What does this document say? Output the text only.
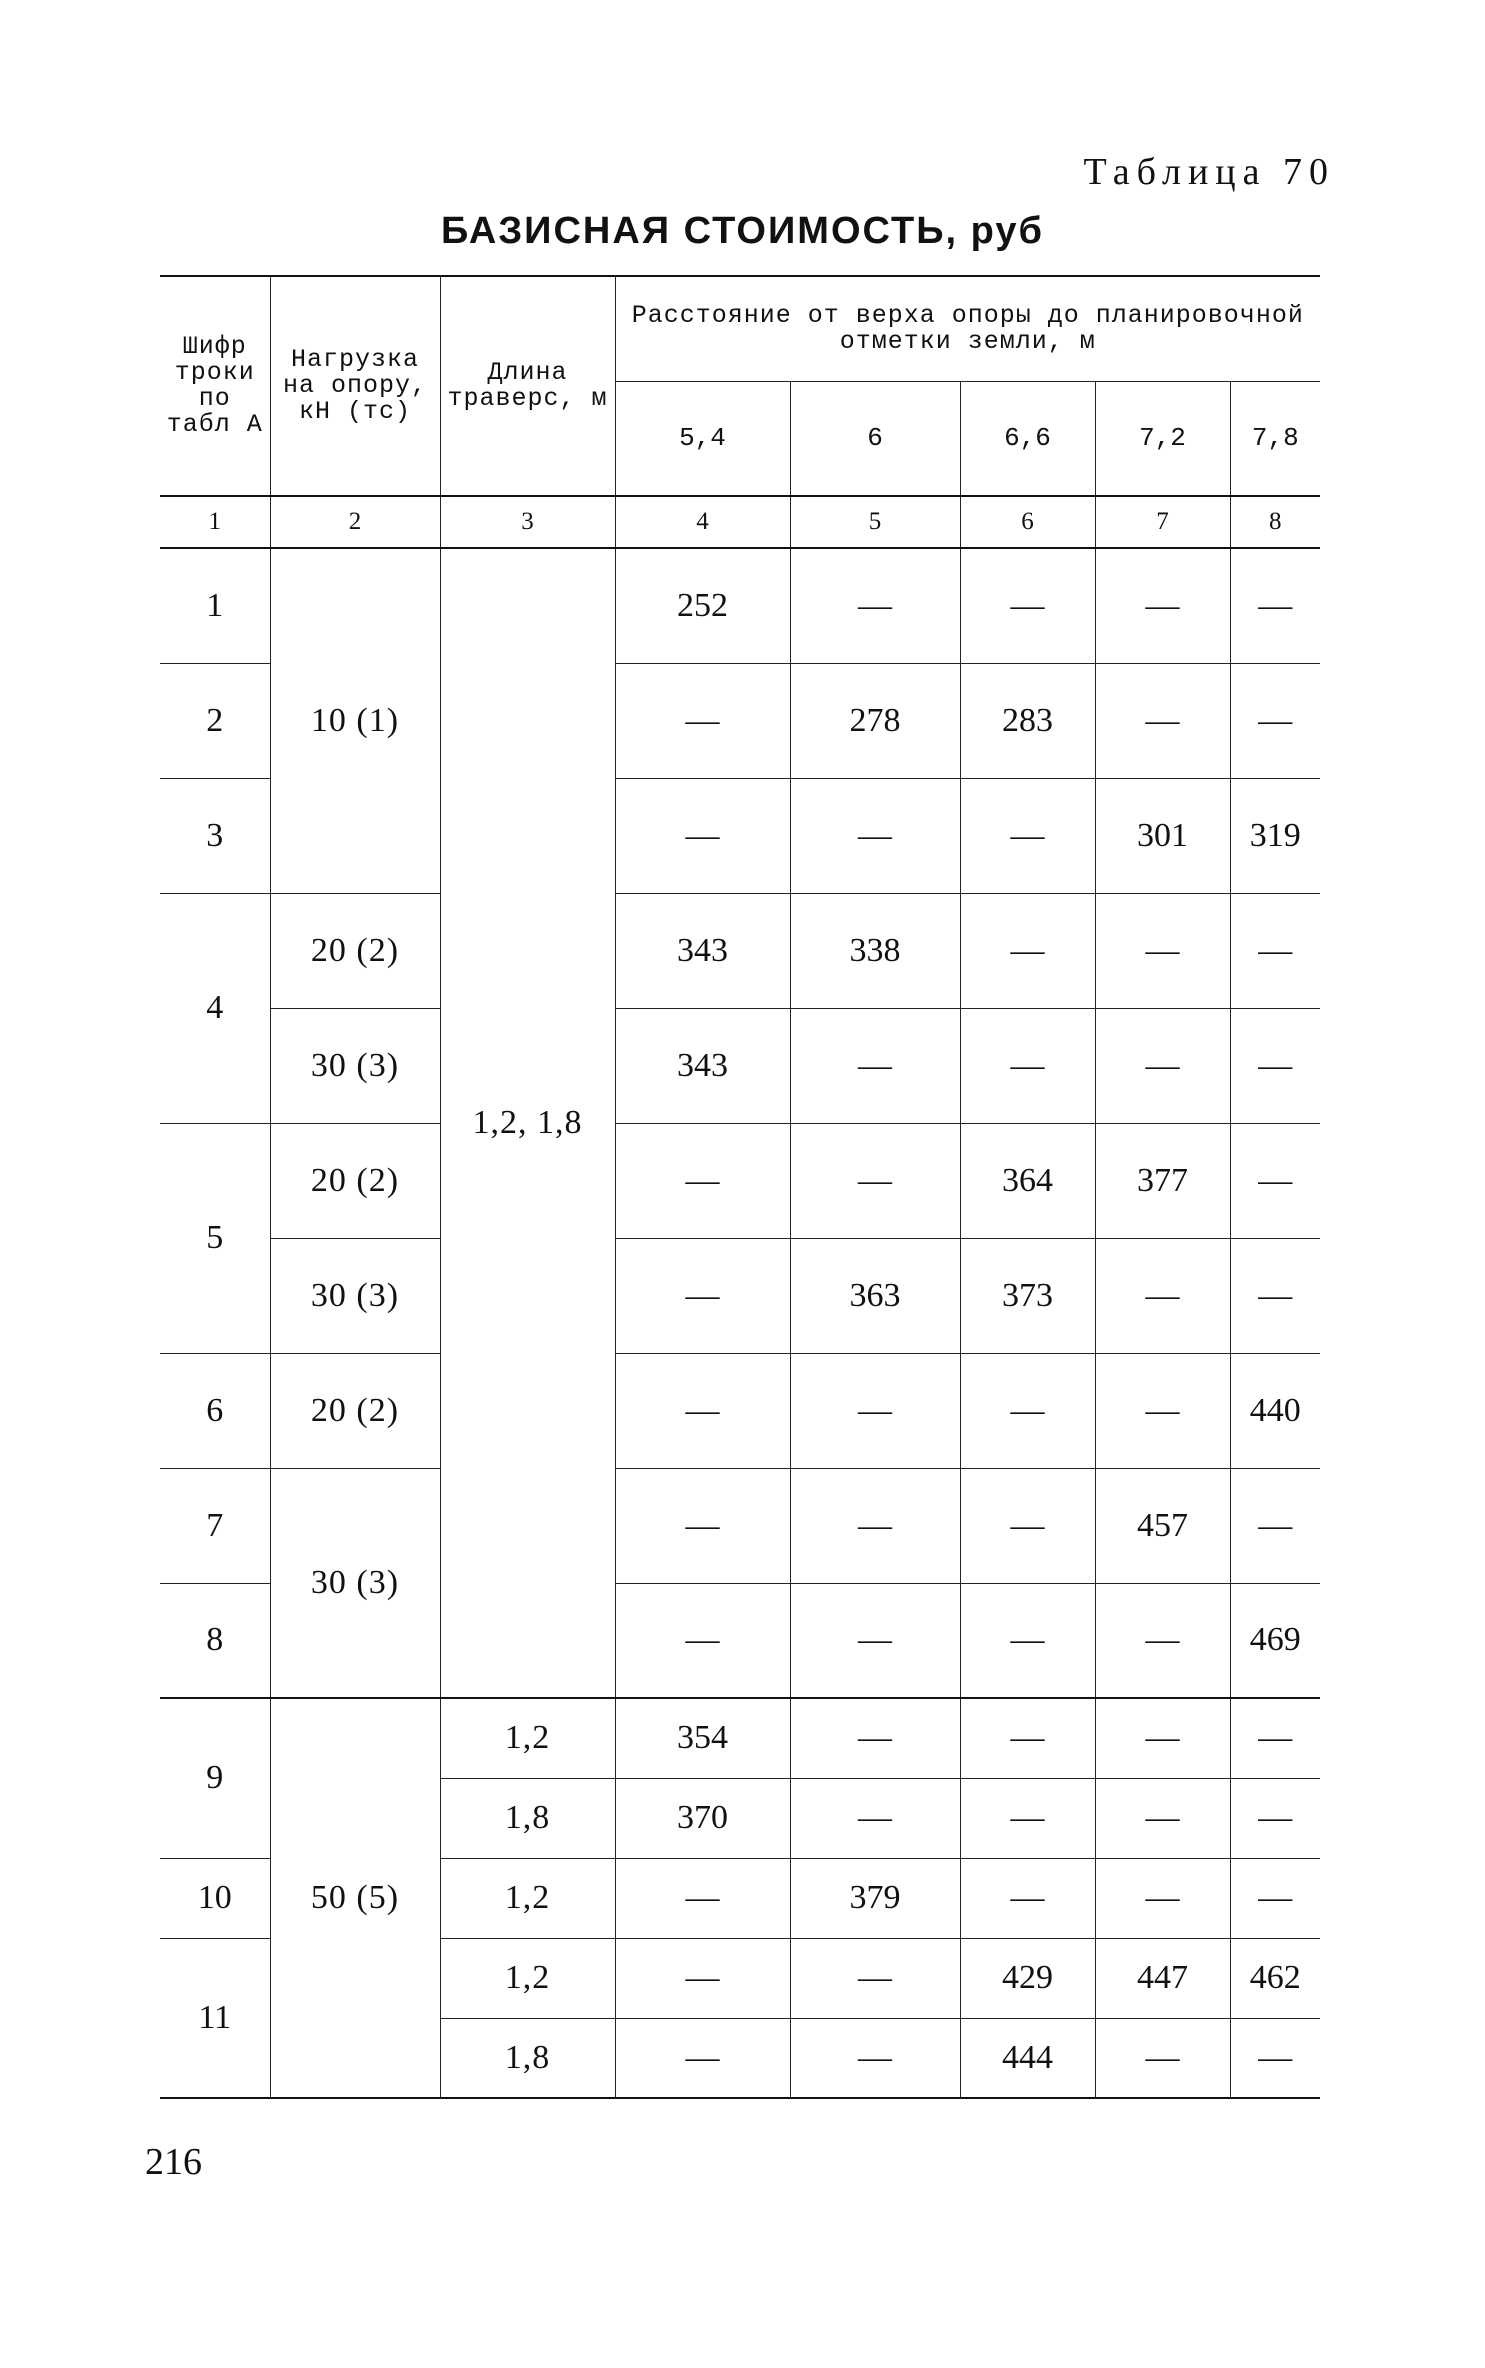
Таблица 70
БАЗИСНАЯ СТОИМОСТЬ, руб
Шифр троки по табл А	Нагрузка на опору, кН (тс)	Длина траверс, м	Расстояние от верха опоры до планировочной отметки земли, м				
			5,4	6	6,6	7,2	7,8
1	2	3	4	5	6	7	8
1	10 (1)	1,2, 1,8	252	—	—	—	—
2			—	278	283	—	—
3			—	—	—	301	319
4	20 (2)		343	338	—	—	—
	30 (3)		343	—	—	—	—
5	20 (2)		—	—	364	377	—
	30 (3)		—	363	373	—	—
6	20 (2)		—	—	—	—	440
7	30 (3)		—	—	—	457	—
8			—	—	—	—	469
9	50 (5)	1,2	354	—	—	—	—
		1,8	370	—	—	—	—
10		1,2	—	379	—	—	—
11		1,2	—	—	429	447	462
		1,8	—	—	444	—	—
216
